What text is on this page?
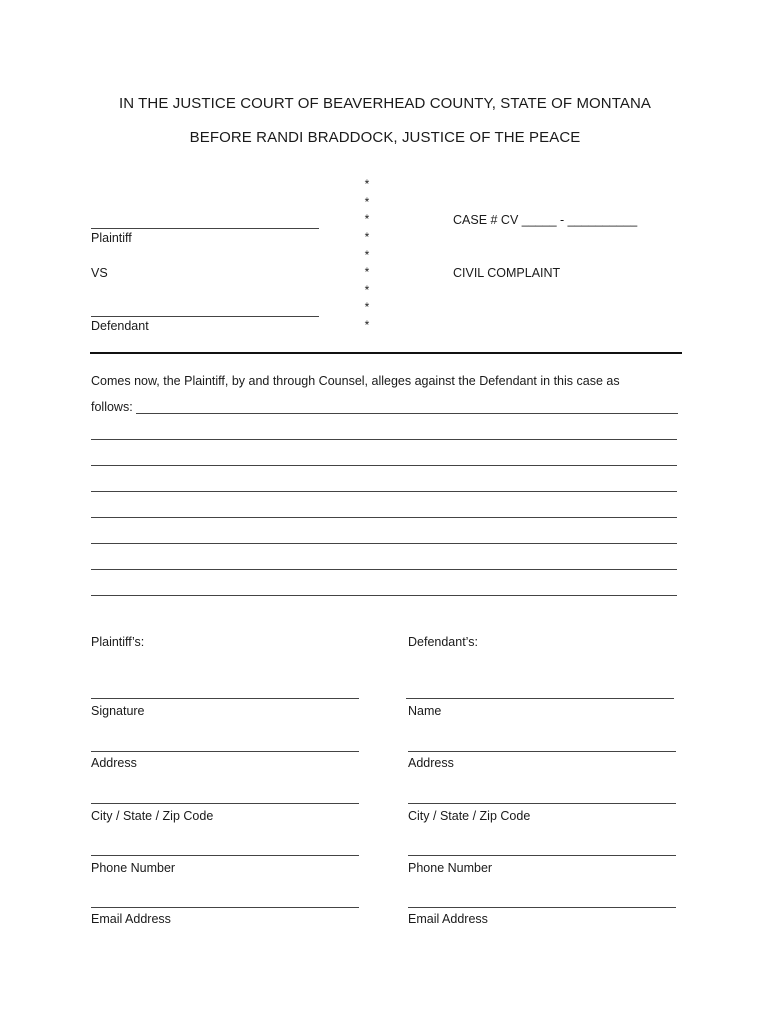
IN THE JUSTICE COURT OF BEAVERHEAD COUNTY, STATE OF MONTANA
BEFORE RANDI BRADDOCK, JUSTICE OF THE PEACE
Plaintiff
VS
Defendant
*
*
*
*
*
*
*
*
*
CASE # CV _____ - __________
CIVIL COMPLAINT
Comes now, the Plaintiff, by and through Counsel, alleges against the Defendant in this case as
follows:
Plaintiff’s:	Defendant’s:
Signature
Address
City / State / Zip Code
Phone Number
Email Address
Name
Address
City / State / Zip Code
Phone Number
Email Address
